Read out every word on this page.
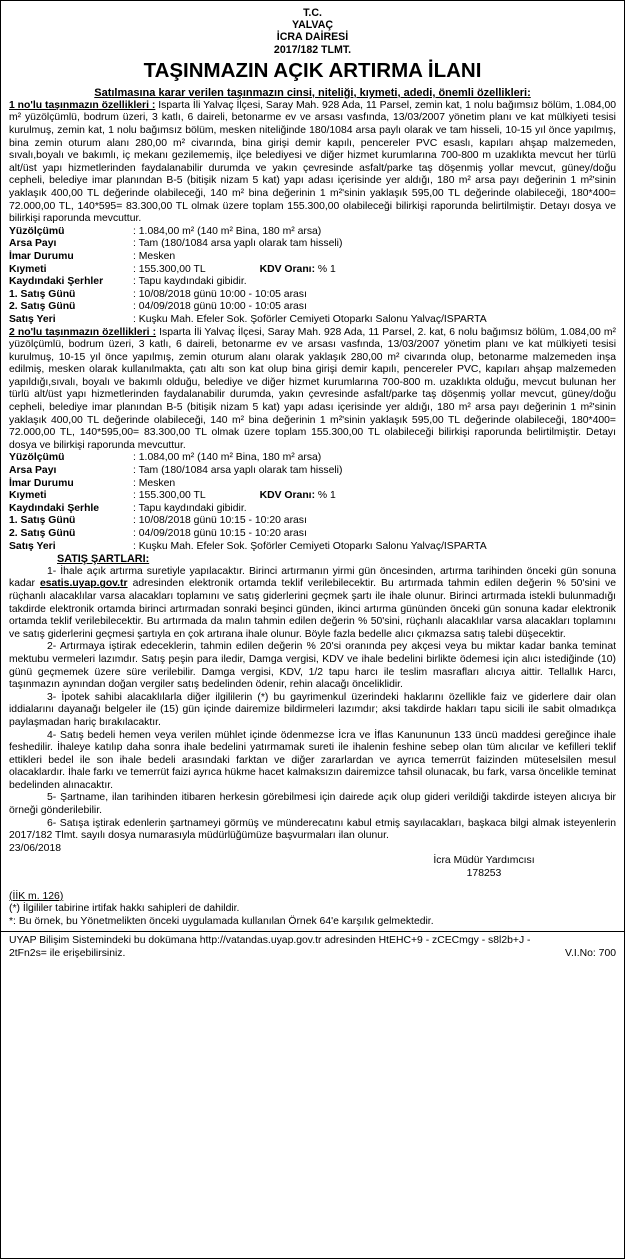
T.C.
YALVAÇ
İCRA DAİRESİ
2017/182 TLMT.
TAŞINMAZIN AÇIK ARTIRMA İLANI
Satılmasına karar verilen taşınmazın cinsi, niteliği, kıymeti, adedi, önemli özellikleri:

1 no'lu taşınmazın özellikleri : Isparta İli Yalvaç İlçesi, Saray Mah. 928 Ada, 11 Parsel, zemin kat, 1 nolu bağımsız bölüm, 1.084,00 m² yüzölçümlü, bodrum üzeri, 3 katlı, 6 daireli, betonarme ev ve arsası vasfında, 13/03/2007 yönetim planı ve kat mülkiyeti tesisi kurulmuş, zemin kat, 1 nolu bağımsız bölüm, mesken niteliğinde 180/1084 arsa paylı olarak ve tam hisseli, 10-15 yıl önce yapılmış, bina zemin oturum alanı 280,00 m² civarında, bina girişi demir kapılı, pencereler PVC esaslı, kapıları ahşap malzemeden, sıvalı,boyalı ve bakımlı, iç mekanı gezilememiş, ilçe belediyesi ve diğer hizmet kurumlarına 700-800 m uzaklıkta mevcut her türlü alt/üst yapı hizmetlerinden faydalanabilir durumda ve yakın çevresinde asfalt/parke taş döşenmiş yollar mevcut, güney/doğu cepheli, belediye imar planından B-5 (bitişik nizam 5 kat) yapı adası içerisinde yer aldığı, 180 m² arsa payı değerinin 1 m²'sinin yaklaşık 400,00 TL değerinde olabileceği, 140 m² bina değerinin 1 m²'sinin yaklaşık 595,00 TL değerinde olabileceği, 180*400= 72.000,00 TL, 140*595= 83.300,00 TL olmak üzere toplam 155.300,00 olabileceği bilirkişi raporunda belirtilmiştir. Detayı dosya ve bilirkişi raporunda mevcuttur.

Yüzölçümü	: 1.084,00 m² (140 m² Bina, 180 m² arsa)
Arsa Payı	: Tam (180/1084 arsa yaplı olarak tam hisseli)
İmar Durumu	: Mesken
Kıymeti	: 155.300,00 TL	KDV Oranı: % 1
Kaydındaki Şerhler	: Tapu kaydındaki gibidir.
1. Satış Günü	: 10/08/2018 günü 10:00 - 10:05 arası
2. Satış Günü	: 04/09/2018 günü 10:00 - 10:05 arası
Satış Yeri	: Kuşku Mah. Efeler Sok. Şoförler Cemiyeti Otoparkı Salonu Yalvaç/ISPARTA

2 no'lu taşınmazın özellikleri : Isparta İli Yalvaç İlçesi, Saray Mah. 928 Ada, 11 Parsel, 2. kat, 6 nolu bağımsız bölüm, 1.084,00 m² yüzölçümlü, bodrum üzeri, 3 katlı, 6 daireli, betonarme ev ve arsası vasfında, 13/03/2007 yönetim planı ve kat mülkiyeti tesisi kurulmuş, 10-15 yıl önce yapılmış, zemin oturum alanı olarak yaklaşık 280,00 m² civarında olup, betonarme malzemeden inşa edilmiş, mesken olarak kullanılmakta, çatı altı son kat olup bina girişi demir kapılı, pencereler PVC, kapıları ahşap malzemeden yapıldığı,sıvalı, boyalı ve bakımlı olduğu, belediye ve diğer hizmet kurumlarına 700-800 m. uzaklıkta olduğu, mevcut bulunan her türlü alt/üst yapı hizmetlerinden faydalanabilir durumda, yakın çevresinde asfalt/parke taş döşenmiş yollar mevcut, güney/doğu cepheli, belediye imar planından B-5 (bitişik nizam 5 kat) yapı adası içerisinde yer aldığı, 180 m² arsa payı değerinin 1 m²'sinin yaklaşık 400,00 TL değerinde olabileceği, 140 m² bina değerinin 1 m²'sinin yaklaşık 595,00 TL değerinde olabileceği, 180*400= 72.000,00 TL, 140*595,00= 83.300,00 TL olmak üzere toplam 155.300,00 TL olabileceği bilirkişi raporunda belirtilmiştir. Detayı dosya ve bilirkişi raporunda mevcuttur.

Yüzölçümü	: 1.084,00 m² (140 m² Bina, 180 m² arsa)
Arsa Payı	: Tam (180/1084 arsa yaplı olarak tam hisseli)
İmar Durumu	: Mesken
Kıymeti	: 155.300,00 TL	KDV Oranı: % 1
Kaydındaki Şerhle	: Tapu kaydındaki gibidir.
1. Satış Günü	: 10/08/2018 günü 10:15 - 10:20 arası
2. Satış Günü	: 04/09/2018 günü 10:15 - 10:20 arası
Satış Yeri	: Kuşku Mah. Efeler Sok. Şoförler Cemiyeti Otoparkı Salonu Yalvaç/ISPARTA
SATIŞ ŞARTLARI:

1- İhale açık artırma suretiyle yapılacaktır. Birinci artırmanın yirmi gün öncesinden, artırma tarihinden önceki gün sonuna kadar esatis.uyap.gov.tr adresinden elektronik ortamda teklif verilebilecektir. Bu artırmada tahmin edilen değerin % 50'sini ve rüçhanlı alacaklılar varsa alacakları toplamını ve satış giderlerini geçmek şartı ile ihale olunur. Birinci artırmada istekli bulunmadığı takdirde elektronik ortamda birinci artırmadan sonraki beşinci günden, ikinci artırma gününden önceki gün sonuna kadar elektronik ortamda teklif verilebilecektir. Bu artırmada da malın tahmin edilen değerin % 50'sini, rüçhanlı alacaklılar varsa alacakları toplamını ve satış giderlerini geçmesi şartıyla en çok artırana ihale olunur. Böyle fazla bedelle alıcı çıkmazsa satış talebi düşecektir.

2- Artırmaya iştirak edeceklerin, tahmin edilen değerin % 20'si oranında pey akçesi veya bu miktar kadar banka teminat mektubu vermeleri lazımdır. Satış peşin para iledir, Damga vergisi, KDV ve ihale bedelini birlikte ödemesi için alıcı istediğinde (10) günü geçmemek üzere süre verilebilir. Damga vergisi, KDV, 1/2 tapu harcı ile teslim masrafları alıcıya aittir. Tellallık Harcı, taşınmazın aynından doğan vergiler satış bedelinden ödenir, rehin alacağı önceliklidir.

3- İpotek sahibi alacaklılarla diğer ilgililerin (*) bu gayrimenkul üzerindeki haklarını özellikle faiz ve giderlere dair olan iddialarını dayanağı belgeler ile (15) gün içinde dairemize bildirmeleri lazımdır; aksi takdirde hakları tapu sicili ile sabit olmadıkça paylaşmadan hariç bırakılacaktır.

4- Satış bedeli hemen veya verilen mühlet içinde ödenmezse İcra ve İflas Kanununun 133 üncü maddesi gereğince ihale feshedilir. İhaleye katılıp daha sonra ihale bedelini yatırmamak sureti ile ihalenin feshine sebep olan tüm alıcılar ve kefilleri teklif ettikleri bedel ile son ihale bedeli arasındaki farktan ve diğer zararlardan ve ayrıca temerrüt faizinden müteselsilen mesul olacaklardır. İhale farkı ve temerrüt faizi ayrıca hükme hacet kalmaksızın dairemizce tahsil olunacak, bu fark, varsa öncelikle teminat bedelinden alınacaktır.

5- Şartname, ilan tarihinden itibaren herkesin görebilmesi için dairede açık olup gideri verildiği takdirde isteyen alıcıya bir örneği gönderilebilir.

6- Satışa iştirak edenlerin şartnameyi görmüş ve münderecatını kabul etmiş sayılacakları, başkaca bilgi almak isteyenlerin 2017/182 Tlmt. sayılı dosya numarasıyla müdürlüğümüze başvurmaları ilan olunur.

23/06/2018
İcra Müdür Yardımcısı
178253

(İİK m. 126)

(*) İlgililer tabirine irtifak hakkı sahipleri de dahildir.

*: Bu örnek, bu Yönetmelikten önceki uygulamada kullanılan Örnek 64'e karşılık gelmektedir.

UYAP Bilişim Sistemindeki bu dokümana http://vatandas.uyap.gov.tr adresinden HtEHC+9 - zCECmgy - s8l2b+J - 2tFn2s= ile erişebilirsiniz.	V.I.No: 700
